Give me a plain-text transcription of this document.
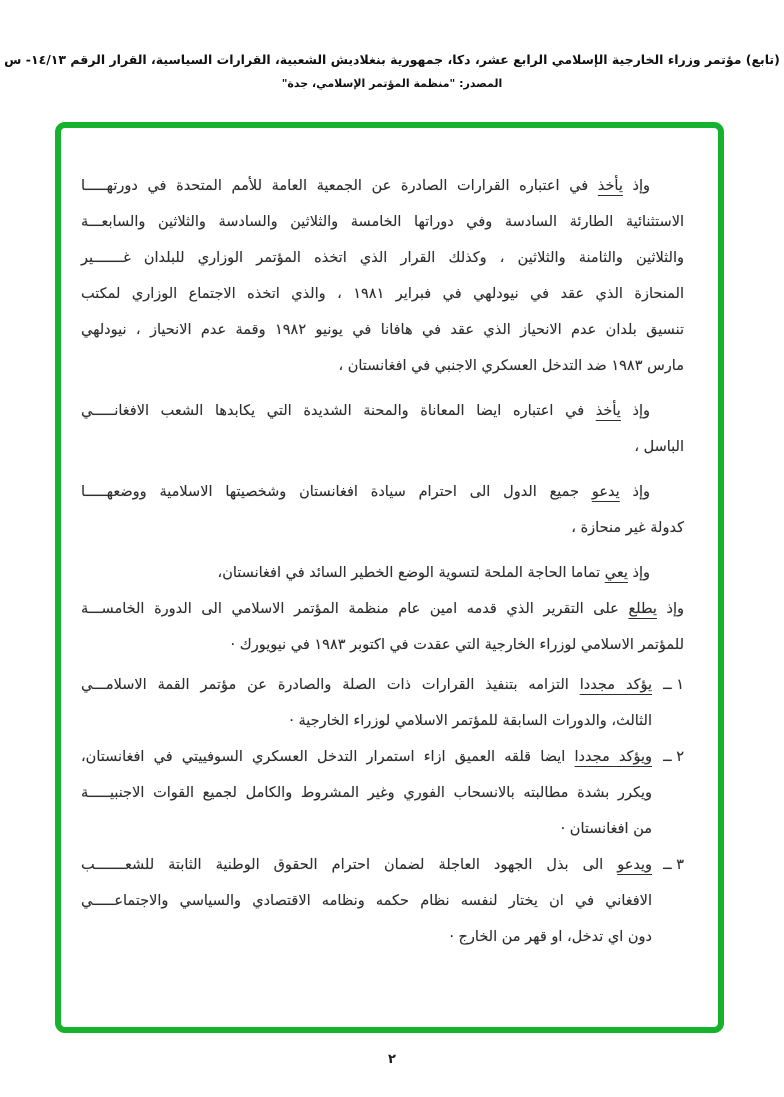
(تابع) مؤتمر وزراء الخارجية الإسلامي الرابع عشر، دكا، جمهورية بنغلاديش الشعبية، القرارات السياسية، القرار الرقم ١٤/١٣- س
المصدر: "منظمة المؤتمر الإسلامي، جدة"
وإذ يأخذ في اعتباره القرارات الصادرة عن الجمعية العامة للأمم المتحدة في دورتهـــــا
الاستثنائية الطارئة السادسة وفي دوراتها الخامسة والثلاثين والسادسة والثلاثين والسابعـــة
والثلاثين والثامنة والثلاثين ، وكذلك القرار الذي اتخذه المؤتمر الوزاري للبلدان غـــــــير
المنحازة الذي عقد في نيودلهي في فبراير ١٩٨١ ، والذي اتخذه الاجتماع الوزاري لمكتب
تنسيق بلدان عدم الانحياز الذي عقد في هافانا في يونيو ١٩٨٢ وقمة عدم الانحياز ، نيودلهي
مارس ١٩٨٣ ضد التدخل العسكري الاجنبي في افغانستان ،
وإذ يأخذ في اعتباره ايضا المعاناة والمحنة الشديدة التي يكابدها الشعب الافغانـــــي
الباسل ،
وإذ يدعو جميع الدول الى احترام سيادة افغانستان وشخصيتها الاسلامية ووضعهـــــا
كدولة غير منحازة ،
وإذ يعي تماما الحاجة الملحة لتسوية الوضع الخطير السائد في افغانستان،
وإذ يطلع على التقرير الذي قدمه امين عام منظمة المؤتمر الاسلامي الى الدورة الخامســـة
للمؤتمر الاسلامي لوزراء الخارجية التي عقدت في اكتوبر ١٩٨٣ في نيويورك ·
١ ــ
يؤكد مجددا التزامه بتنفيذ القرارات ذات الصلة والصادرة عن مؤتمر القمة الاسلامـــي
الثالث، والدورات السابقة للمؤتمر الاسلامي لوزراء الخارجية ·
٢ ــ
ويؤكد مجددا ايضا قلقه العميق ازاء استمرار التدخل العسكري السوفييتي في افغانستان،
ويكرر بشدة مطالبته بالانسحاب الفوري وغير المشروط والكامل لجميع القوات الاجنبيـــــة
من افغانستان ·
٣ ــ
ويدعو الى بذل الجهود العاجلة لضمان احترام الحقوق الوطنية الثابتة للشعـــــــب
الافغاني في ان يختار لنفسه نظام حكمه ونظامه الاقتصادي والسياسي والاجتماعـــــي
دون اي تدخل، او قهر من الخارج ·
٢
